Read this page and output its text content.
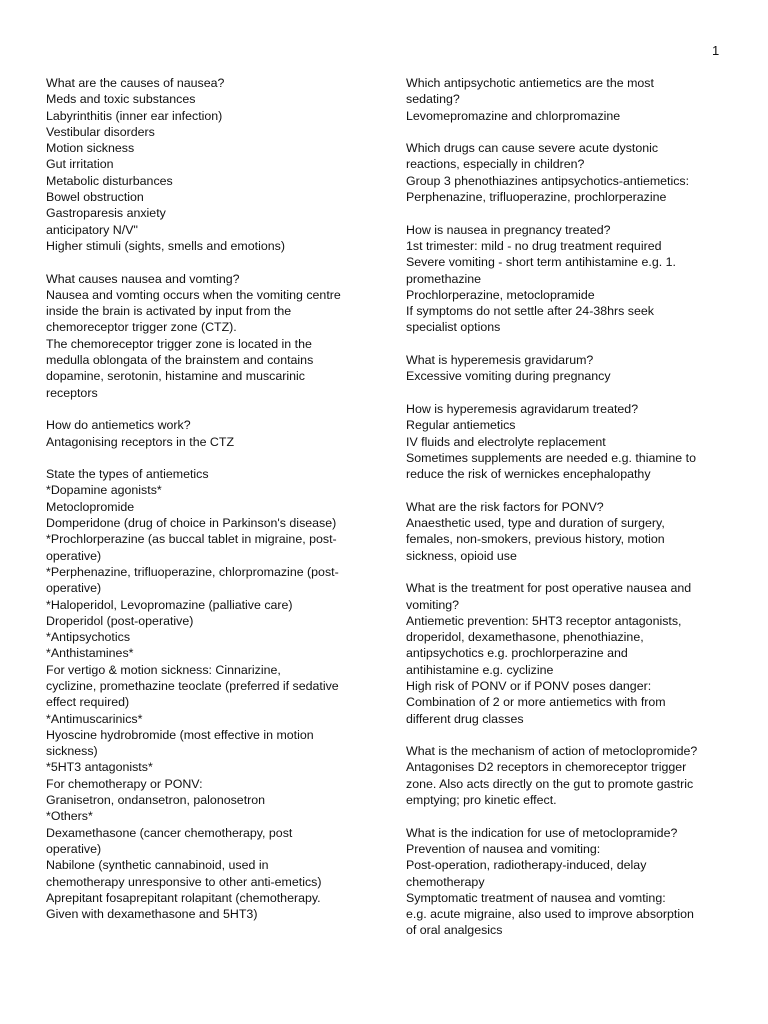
1
What are the causes of nausea?
Meds and toxic substances
Labyrinthitis (inner ear infection)
Vestibular disorders
Motion sickness
Gut irritation
Metabolic disturbances
Bowel obstruction
Gastroparesis anxiety
anticipatory N/V"
Higher stimuli (sights, smells and emotions)
What causes nausea and vomting?
Nausea and vomting occurs when the vomiting centre
inside the brain is activated by input from the
chemoreceptor trigger zone (CTZ).
The chemoreceptor trigger zone is located in the
medulla oblongata of the brainstem and contains
dopamine, serotonin, histamine and muscarinic
receptors
How do antiemetics work?
Antagonising receptors in the CTZ
State the types of antiemetics
*Dopamine agonists*
Metoclopromide
Domperidone (drug of choice in Parkinson's disease)
*Prochlorperazine (as buccal tablet in migraine, post-
operative)
*Perphenazine, trifluoperazine, chlorpromazine (post-
operative)
*Haloperidol, Levopromazine (palliative care)
Droperidol (post-operative)
*Antipsychotics
*Anthistamines*
For vertigo & motion sickness: Cinnarizine,
cyclizine, promethazine teoclate (preferred if sedative
effect required)
*Antimuscarinics*
Hyoscine hydrobromide (most effective in motion
sickness)
*5HT3 antagonists*
For chemotherapy or PONV:
Granisetron, ondansetron, palonosetron
*Others*
Dexamethasone (cancer chemotherapy, post
operative)
Nabilone (synthetic cannabinoid, used in
chemotherapy unresponsive to other anti-emetics)
Aprepitant fosaprepitant rolapitant (chemotherapy.
Given with dexamethasone and 5HT3)
Which antipsychotic antiemetics are the most
sedating?
Levomepromazine and chlorpromazine
Which drugs can cause severe acute dystonic
reactions, especially in children?
Group 3 phenothiazines antipsychotics-antiemetics:
Perphenazine, trifluoperazine, prochlorperazine
How is nausea in pregnancy treated?
1st trimester: mild - no drug treatment required
Severe vomiting - short term antihistamine e.g. 1.
promethazine
Prochlorperazine, metoclopramide
If symptoms do not settle after 24-38hrs seek
specialist options
What is hyperemesis gravidarum?
Excessive vomiting during pregnancy
How is hyperemesis agravidarum treated?
Regular antiemetics
IV fluids and electrolyte replacement
Sometimes supplements are needed e.g. thiamine to
reduce the risk of wernickes encephalopathy
What are the risk factors for PONV?
Anaesthetic used, type and duration of surgery,
females, non-smokers, previous history, motion
sickness, opioid use
What is the treatment for post operative nausea and
vomiting?
Antiemetic prevention: 5HT3 receptor antagonists,
droperidol, dexamethasone, phenothiazine,
antipsychotics e.g. prochlorperazine and
antihistamine e.g. cyclizine
High risk of PONV or if PONV poses danger:
Combination of 2 or more antiemetics with from
different drug classes
What is the mechanism of action of metoclopromide?
Antagonises D2 receptors in chemoreceptor trigger
zone. Also acts directly on the gut to promote gastric
emptying; pro kinetic effect.
What is the indication for use of metoclopramide?
Prevention of nausea and vomiting:
Post-operation, radiotherapy-induced, delay
chemotherapy
Symptomatic treatment of nausea and vomting:
e.g. acute migraine, also used to improve absorption
of oral analgesics
